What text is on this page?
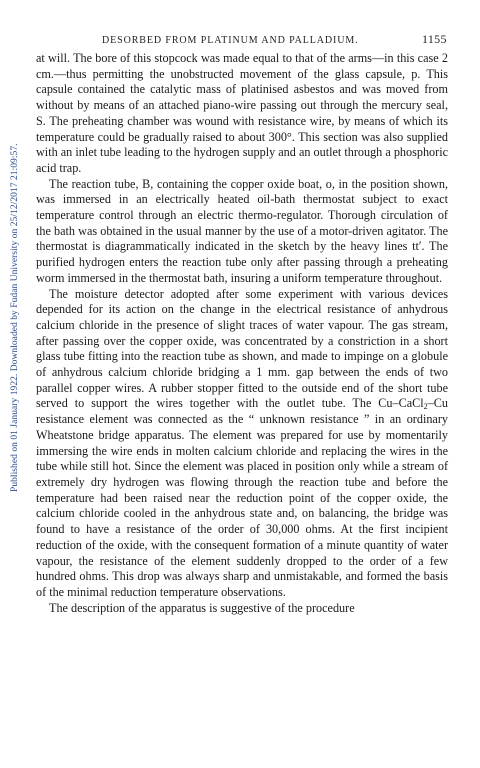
Published on 01 January 1922. Downloaded by Fudan University on 25/12/2017 21:09:57.
DESORBED FROM PLATINUM AND PALLADIUM.	1155

at will. The bore of this stopcock was made equal to that of the arms—in this case 2 cm.—thus permitting the unobstructed movement of the glass capsule, p. This capsule contained the catalytic mass of platinised asbestos and was moved from without by means of an attached piano-wire passing out through the mercury seal, S. The preheating chamber was wound with resistance wire, by means of which its temperature could be gradually raised to about 300°. This section was also supplied with an inlet tube leading to the hydrogen supply and an outlet through a phosphoric acid trap.

The reaction tube, B, containing the copper oxide boat, o, in the position shown, was immersed in an electrically heated oil-bath thermostat subject to exact temperature control through an electric thermo-regulator. Thorough circulation of the bath was obtained in the usual manner by the use of a motor-driven agitator. The thermostat is diagrammatically indicated in the sketch by the heavy lines tt′. The purified hydrogen enters the reaction tube only after passing through a preheating worm immersed in the thermostat bath, insuring a uniform temperature throughout.

The moisture detector adopted after some experiment with various devices depended for its action on the change in the electrical resistance of anhydrous calcium chloride in the presence of slight traces of water vapour. The gas stream, after passing over the copper oxide, was concentrated by a constriction in a short glass tube fitting into the reaction tube as shown, and made to impinge on a globule of anhydrous calcium chloride bridging a 1 mm. gap between the ends of two parallel copper wires. A rubber stopper fitted to the outside end of the short tube served to support the wires together with the outlet tube. The Cu–CaCl$_2$–Cu resistance element was connected as the “ unknown resistance ” in an ordinary Wheatstone bridge apparatus. The element was prepared for use by momentarily immersing the wire ends in molten calcium chloride and replacing the wires in the tube while still hot. Since the element was placed in position only while a stream of extremely dry hydrogen was flowing through the reaction tube and before the temperature had been raised near the reduction point of the copper oxide, the calcium chloride cooled in the anhydrous state and, on balancing, the bridge was found to have a resistance of the order of 30,000 ohms. At the first incipient reduction of the oxide, with the consequent formation of a minute quantity of water vapour, the resistance of the element suddenly dropped to the order of a few hundred ohms. This drop was always sharp and unmistakable, and formed the basis of the minimal reduction temperature observations.

The description of the apparatus is suggestive of the procedure
